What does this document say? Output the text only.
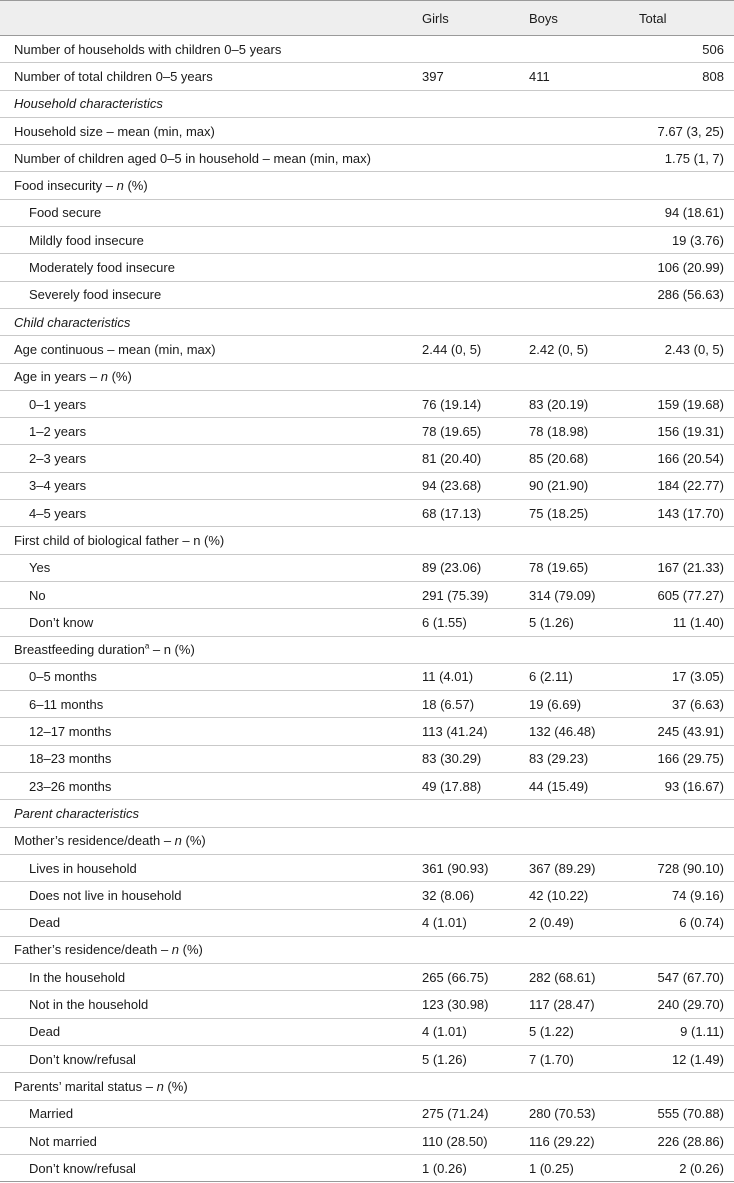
	Girls	Boys	Total
Number of households with children 0–5 years			506
Number of total children 0–5 years	397	411	808
Household characteristics			
Household size – mean (min, max)			7.67 (3, 25)
Number of children aged 0–5 in household – mean (min, max)			1.75 (1, 7)
Food insecurity – n (%)			
Food secure			94 (18.61)
Mildly food insecure			19 (3.76)
Moderately food insecure			106 (20.99)
Severely food insecure			286 (56.63)
Child characteristics			
Age continuous – mean (min, max)	2.44 (0, 5)	2.42 (0, 5)	2.43 (0, 5)
Age in years – n (%)			
0–1 years	76 (19.14)	83 (20.19)	159 (19.68)
1–2 years	78 (19.65)	78 (18.98)	156 (19.31)
2–3 years	81 (20.40)	85 (20.68)	166 (20.54)
3–4 years	94 (23.68)	90 (21.90)	184 (22.77)
4–5 years	68 (17.13)	75 (18.25)	143 (17.70)
First child of biological father – n (%)			
Yes	89 (23.06)	78 (19.65)	167 (21.33)
No	291 (75.39)	314 (79.09)	605 (77.27)
Don’t know	6 (1.55)	5 (1.26)	11 (1.40)
Breastfeeding duration$^a$ – n (%)			
0–5 months	11 (4.01)	6 (2.11)	17 (3.05)
6–11 months	18 (6.57)	19 (6.69)	37 (6.63)
12–17 months	113 (41.24)	132 (46.48)	245 (43.91)
18–23 months	83 (30.29)	83 (29.23)	166 (29.75)
23–26 months	49 (17.88)	44 (15.49)	93 (16.67)
Parent characteristics			
Mother’s residence/death – n (%)			
Lives in household	361 (90.93)	367 (89.29)	728 (90.10)
Does not live in household	32 (8.06)	42 (10.22)	74 (9.16)
Dead	4 (1.01)	2 (0.49)	6 (0.74)
Father’s residence/death – n (%)			
In the household	265 (66.75)	282 (68.61)	547 (67.70)
Not in the household	123 (30.98)	117 (28.47)	240 (29.70)
Dead	4 (1.01)	5 (1.22)	9 (1.11)
Don’t know/refusal	5 (1.26)	7 (1.70)	12 (1.49)
Parents’ marital status – n (%)			
Married	275 (71.24)	280 (70.53)	555 (70.88)
Not married	110 (28.50)	116 (29.22)	226 (28.86)
Don’t know/refusal	1 (0.26)	1 (0.25)	2 (0.26)
